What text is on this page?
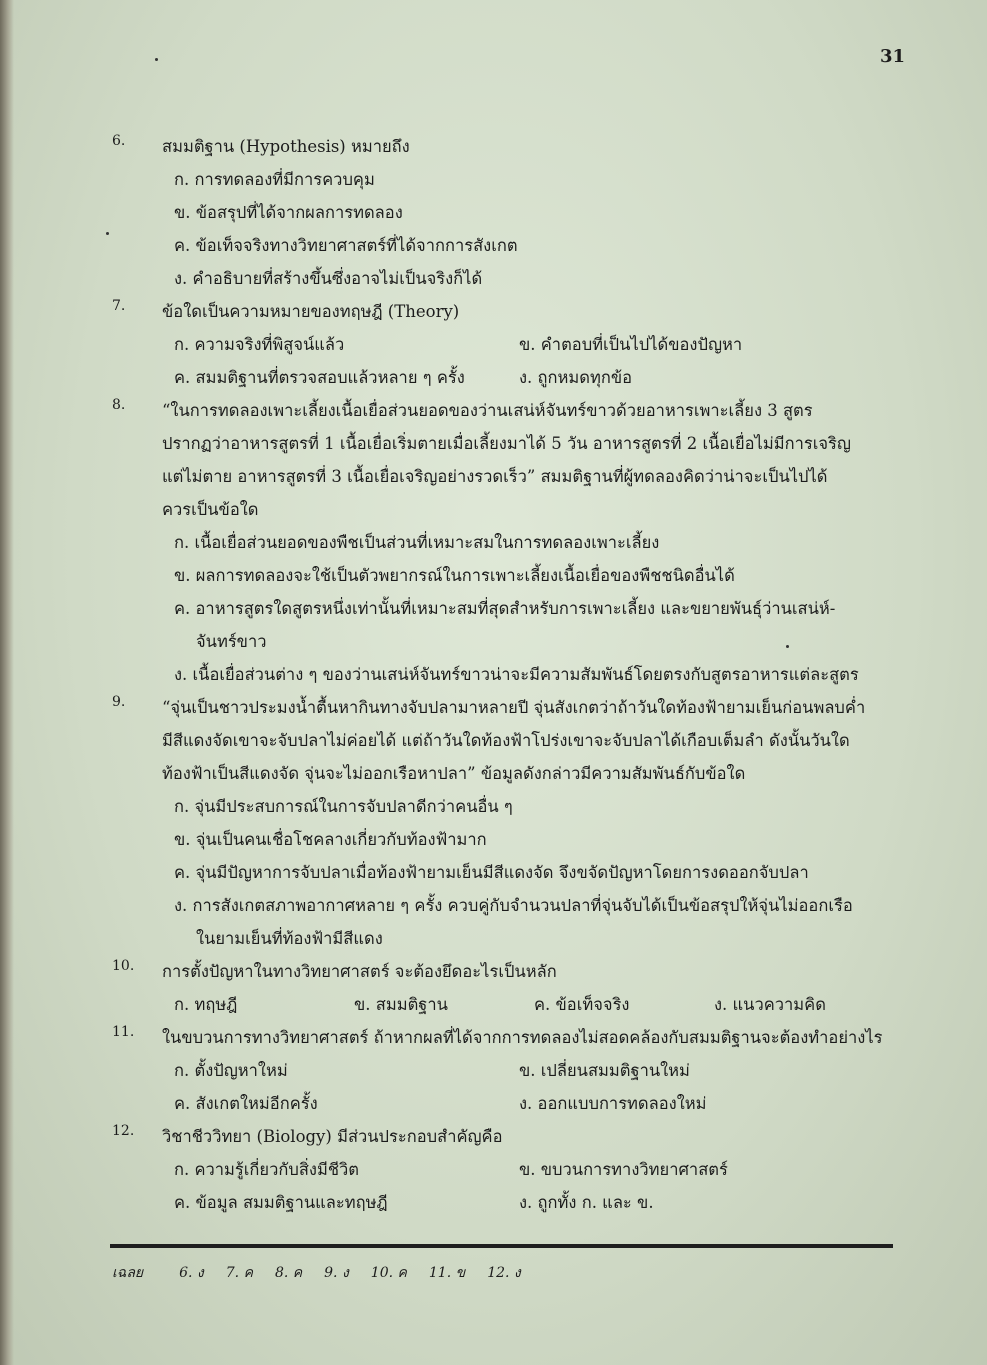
31
6.	สมมติฐาน (Hypothesis) หมายถึง
ก. การทดลองที่มีการควบคุม
ข. ข้อสรุปที่ได้จากผลการทดลอง
ค. ข้อเท็จจริงทางวิทยาศาสตร์ที่ได้จากการสังเกต
ง. คำอธิบายที่สร้างขึ้นซึ่งอาจไม่เป็นจริงก็ได้
7.	ข้อใดเป็นความหมายของทฤษฎี (Theory)
ก. ความจริงที่พิสูจน์แล้ว	ข. คำตอบที่เป็นไปได้ของปัญหา
ค. สมมติฐานที่ตรวจสอบแล้วหลาย ๆ ครั้ง	ง. ถูกหมดทุกข้อ
8.	“ในการทดลองเพาะเลี้ยงเนื้อเยื่อส่วนยอดของว่านเสน่ห์จันทร์ขาวด้วยอาหารเพาะเลี้ยง 3 สูตร
ปรากฏว่าอาหารสูตรที่ 1 เนื้อเยื่อเริ่มตายเมื่อเลี้ยงมาได้ 5 วัน อาหารสูตรที่ 2 เนื้อเยื่อไม่มีการเจริญ
แต่ไม่ตาย อาหารสูตรที่ 3 เนื้อเยื่อเจริญอย่างรวดเร็ว” สมมติฐานที่ผู้ทดลองคิดว่าน่าจะเป็นไปได้
ควรเป็นข้อใด
ก. เนื้อเยื่อส่วนยอดของพืชเป็นส่วนที่เหมาะสมในการทดลองเพาะเลี้ยง
ข. ผลการทดลองจะใช้เป็นตัวพยากรณ์ในการเพาะเลี้ยงเนื้อเยื่อของพืชชนิดอื่นได้
ค. อาหารสูตรใดสูตรหนึ่งเท่านั้นที่เหมาะสมที่สุดสำหรับการเพาะเลี้ยง และขยายพันธุ์ว่านเสน่ห์-
จันทร์ขาว
ง. เนื้อเยื่อส่วนต่าง ๆ ของว่านเสน่ห์จันทร์ขาวน่าจะมีความสัมพันธ์โดยตรงกับสูตรอาหารแต่ละสูตร
9.	“จุ่นเป็นชาวประมงน้ำตื้นหากินทางจับปลามาหลายปี จุ่นสังเกตว่าถ้าวันใดท้องฟ้ายามเย็นก่อนพลบค่ำ
มีสีแดงจัดเขาจะจับปลาไม่ค่อยได้ แต่ถ้าวันใดท้องฟ้าโปร่งเขาจะจับปลาได้เกือบเต็มลำ ดังนั้นวันใด
ท้องฟ้าเป็นสีแดงจัด จุ่นจะไม่ออกเรือหาปลา” ข้อมูลดังกล่าวมีความสัมพันธ์กับข้อใด
ก. จุ่นมีประสบการณ์ในการจับปลาดีกว่าคนอื่น ๆ
ข. จุ่นเป็นคนเชื่อโชคลางเกี่ยวกับท้องฟ้ามาก
ค. จุ่นมีปัญหาการจับปลาเมื่อท้องฟ้ายามเย็นมีสีแดงจัด จึงขจัดปัญหาโดยการงดออกจับปลา
ง. การสังเกตสภาพอากาศหลาย ๆ ครั้ง ควบคู่กับจำนวนปลาที่จุ่นจับได้เป็นข้อสรุปให้จุ่นไม่ออกเรือ
ในยามเย็นที่ท้องฟ้ามีสีแดง
10.	การตั้งปัญหาในทางวิทยาศาสตร์ จะต้องยึดอะไรเป็นหลัก
ก. ทฤษฎี	ข. สมมติฐาน	ค. ข้อเท็จจริง	ง. แนวความคิด
11.	ในขบวนการทางวิทยาศาสตร์ ถ้าหากผลที่ได้จากการทดลองไม่สอดคล้องกับสมมติฐานจะต้องทำอย่างไร
ก. ตั้งปัญหาใหม่	ข. เปลี่ยนสมมติฐานใหม่
ค. สังเกตใหม่อีกครั้ง	ง. ออกแบบการทดลองใหม่
12.	วิชาชีววิทยา (Biology) มีส่วนประกอบสำคัญคือ
ก. ความรู้เกี่ยวกับสิ่งมีชีวิต	ข. ขบวนการทางวิทยาศาสตร์
ค. ข้อมูล สมมติฐานและทฤษฎี	ง. ถูกทั้ง ก. และ ข.
เฉลย	6. ง 7. ค 8. ค 9. ง 10. ค 11. ข 12. ง
